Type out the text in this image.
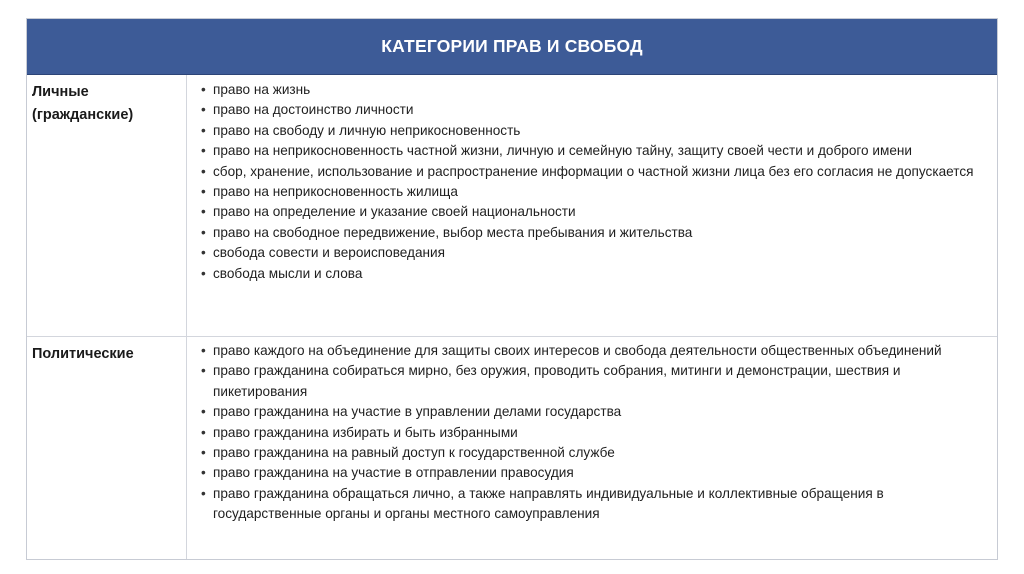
КАТЕГОРИИ ПРАВ И СВОБОД
Личные
(гражданские)
• право на жизнь
• право на достоинство личности
• право на свободу и личную неприкосновенность
• право на неприкосновенность частной жизни, личную и семейную тайну, защиту своей чести и доброго имени
• сбор, хранение, использование и распространение информации о частной жизни лица без его согласия не допускается
• право на неприкосновенность жилища
• право на определение и указание своей национальности
• право на свободное передвижение, выбор места пребывания и жительства
• свобода совести и вероисповедания
• свобода мысли и слова
Политические
•	право каждого на объединение для защиты своих интересов и свобода деятельности общественных объединений
• право гражданина собираться мирно, без оружия, проводить собрания, митинги и демонстрации, шествия и пикетирования
• право гражданина на участие в управлении делами государства
• право гражданина избирать и быть избранными
• право гражданина на равный доступ к государственной службе
• право гражданина на участие в отправлении правосудия
• право гражданина обращаться лично, а также направлять индивидуальные и коллективные обращения в государственные органы и органы местного самоуправления
